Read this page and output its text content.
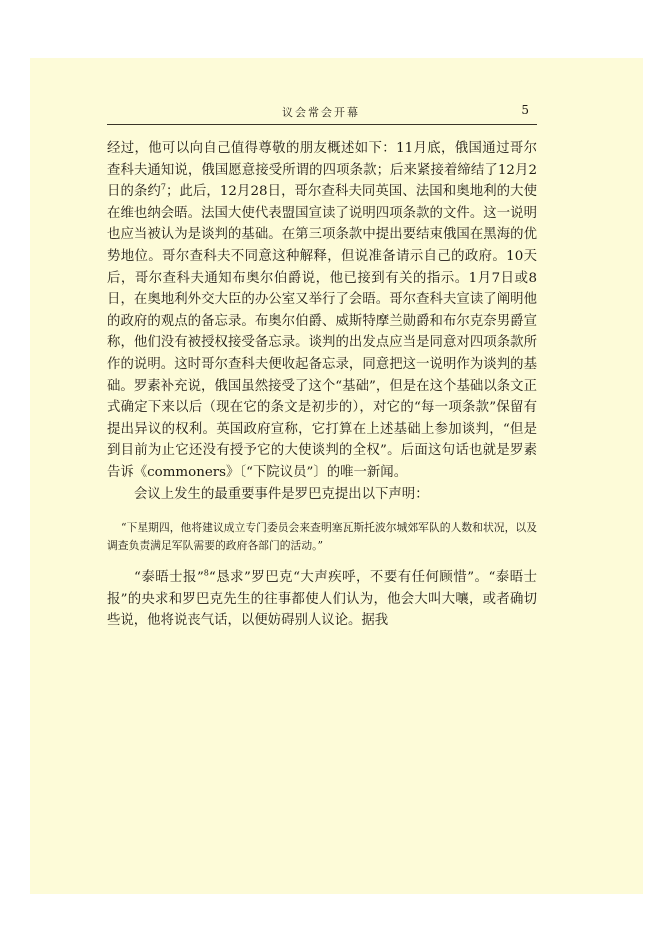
议会常会开幕	5

经过，他可以向自己值得尊敬的朋友概述如下：11月底，俄国通过哥尔查科夫通知说，俄国愿意接受所谓的四项条款；后来紧接着缔结了12月2日的条约$^7$；此后，12月28日，哥尔查科夫同英国、法国和奥地利的大使在维也纳会晤。法国大使代表盟国宣读了说明四项条款的文件。这一说明也应当被认为是谈判的基础。在第三项条款中提出要结束俄国在黑海的优势地位。哥尔查科夫不同意这种解释，但说准备请示自己的政府。10天后，哥尔查科夫通知布奥尔伯爵说，他已接到有关的指示。1月7日或8日，在奥地利外交大臣的办公室又举行了会晤。哥尔查科夫宣读了阐明他的政府的观点的备忘录。布奥尔伯爵、威斯特摩兰勋爵和布尔克奈男爵宣称，他们没有被授权接受备忘录。谈判的出发点应当是同意对四项条款所作的说明。这时哥尔查科夫便收起备忘录，同意把这一说明作为谈判的基础。罗素补充说，俄国虽然接受了这个“基础”，但是在这个基础以条文正式确定下来以后（现在它的条文是初步的），对它的“每一项条款”保留有提出异议的权利。英国政府宣称，它打算在上述基础上参加谈判，“但是到目前为止它还没有授予它的大使谈判的全权”。后面这句话也就是罗素告诉《commoners》〔“下院议员”〕的唯一新闻。

会议上发生的最重要事件是罗巴克提出以下声明：

“下星期四，他将建议成立专门委员会来查明塞瓦斯托波尔城郊军队的人数和状况，以及调查负责满足军队需要的政府各部门的活动。”

“泰晤士报”$^8$“恳求”罗巴克“大声疾呼，不要有任何顾惜”。“泰晤士报”的央求和罗巴克先生的往事都使人们认为，他会大叫大嚷，或者确切些说，他将说丧气话，以便妨碍别人议论。据我
